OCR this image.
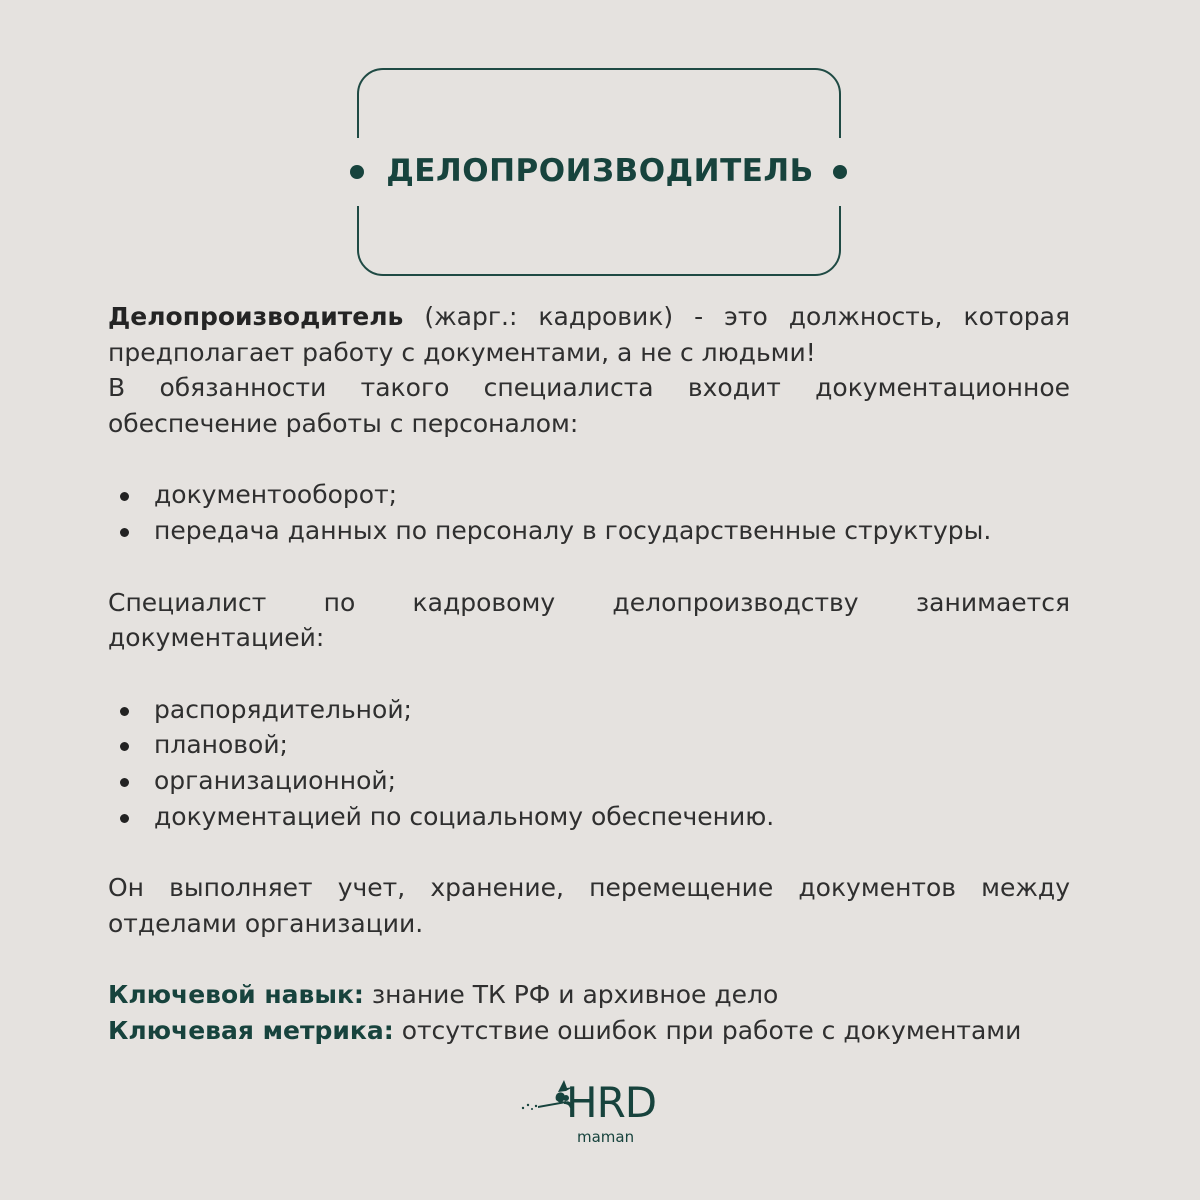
ДЕЛОПРОИЗВОДИТЕЛЬ

Делопроизводитель (жарг.: кадровик) - это должность, которая предполагает работу с документами, а не с людьми!

В обязанности такого специалиста входит документационное обеспечение работы с персоналом:

документооборот;
передача данных по персоналу в государственные структуры.

Специалист по кадровому делопроизводству занимается документацией:

распорядительной;
плановой;
организационной;
документацией по социальному обеспечению.

Он выполняет учет, хранение, перемещение документов между отделами организации.

Ключевой навык: знание ТК РФ и архивное дело

Ключевая метрика: отсутствие ошибок при работе с документами

HRD
maman
